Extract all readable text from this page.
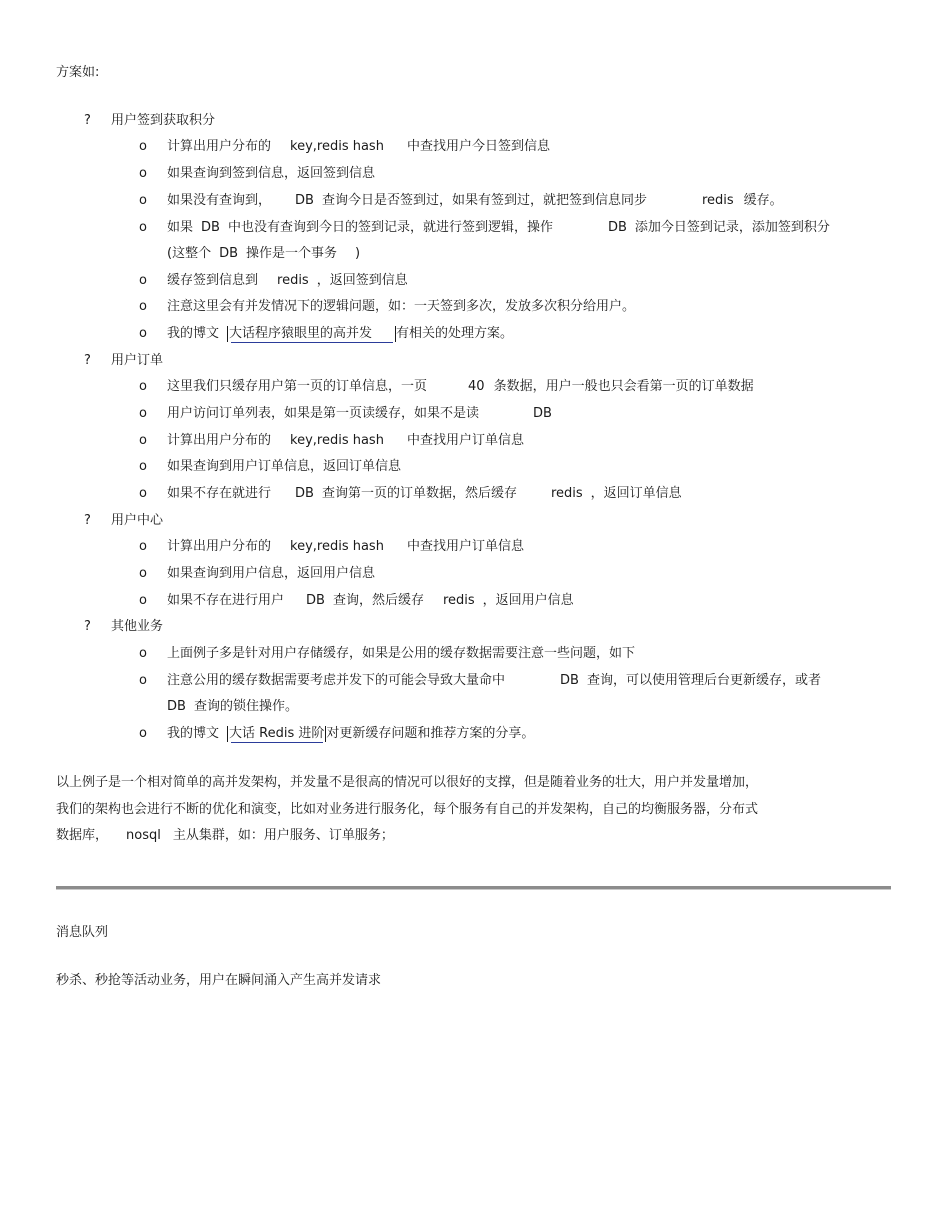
方案如:
? 用户签到获取积分
o 计算出用户分布的 key,redis hash 中查找用户今日签到信息
o 如果查询到签到信息，返回签到信息
o 如果没有查询到， DB 查询今日是否签到过，如果有签到过，就把签到信息同步	redis 缓存。
o 如果 DB 中也没有查询到今日的签到记录，就进行签到逻辑，操作	DB 添加今日签到记录，添加签到积分
(这整个 DB 操作是一个事务 )
o 缓存签到信息到 redis ，返回签到信息
o 注意这里会有并发情况下的逻辑问题，如：一天签到多次，发放多次积分给用户。
o 我的博文 大话程序猿眼里的高并发 有相关的处理方案。
? 用户订单
o 这里我们只缓存用户第一页的订单信息，一页	40 条数据，用户一般也只会看第一页的订单数据
o 用户访问订单列表，如果是第一页读缓存，如果不是读	DB
o 计算出用户分布的 key,redis hash 中查找用户订单信息
o 如果查询到用户订单信息，返回订单信息
o 如果不存在就进行 DB 查询第一页的订单数据，然后缓存	redis ，返回订单信息
? 用户中心
o 计算出用户分布的 key,redis hash 中查找用户订单信息
o 如果查询到用户信息，返回用户信息
o 如果不存在进行用户 DB 查询，然后缓存 redis ，返回用户信息
? 其他业务
o 上面例子多是针对用户存储缓存，如果是公用的缓存数据需要注意一些问题，如下
o 注意公用的缓存数据需要考虑并发下的可能会导致大量命中	DB 查询，可以使用管理后台更新缓存，或者
DB 查询的锁住操作。
o 我的博文 大话 Redis 进阶 对更新缓存问题和推荐方案的分享。
以上例子是一个相对简单的高并发架构，并发量不是很高的情况可以很好的支撑，但是随着业务的壮大，用户并发量增加，
我们的架构也会进行不断的优化和演变，比如对业务进行服务化，每个服务有自己的并发架构，自己的均衡服务器，分布式
数据库， nosql 主从集群，如：用户服务、订单服务；
消息队列
秒杀、秒抢等活动业务，用户在瞬间涌入产生高并发请求
